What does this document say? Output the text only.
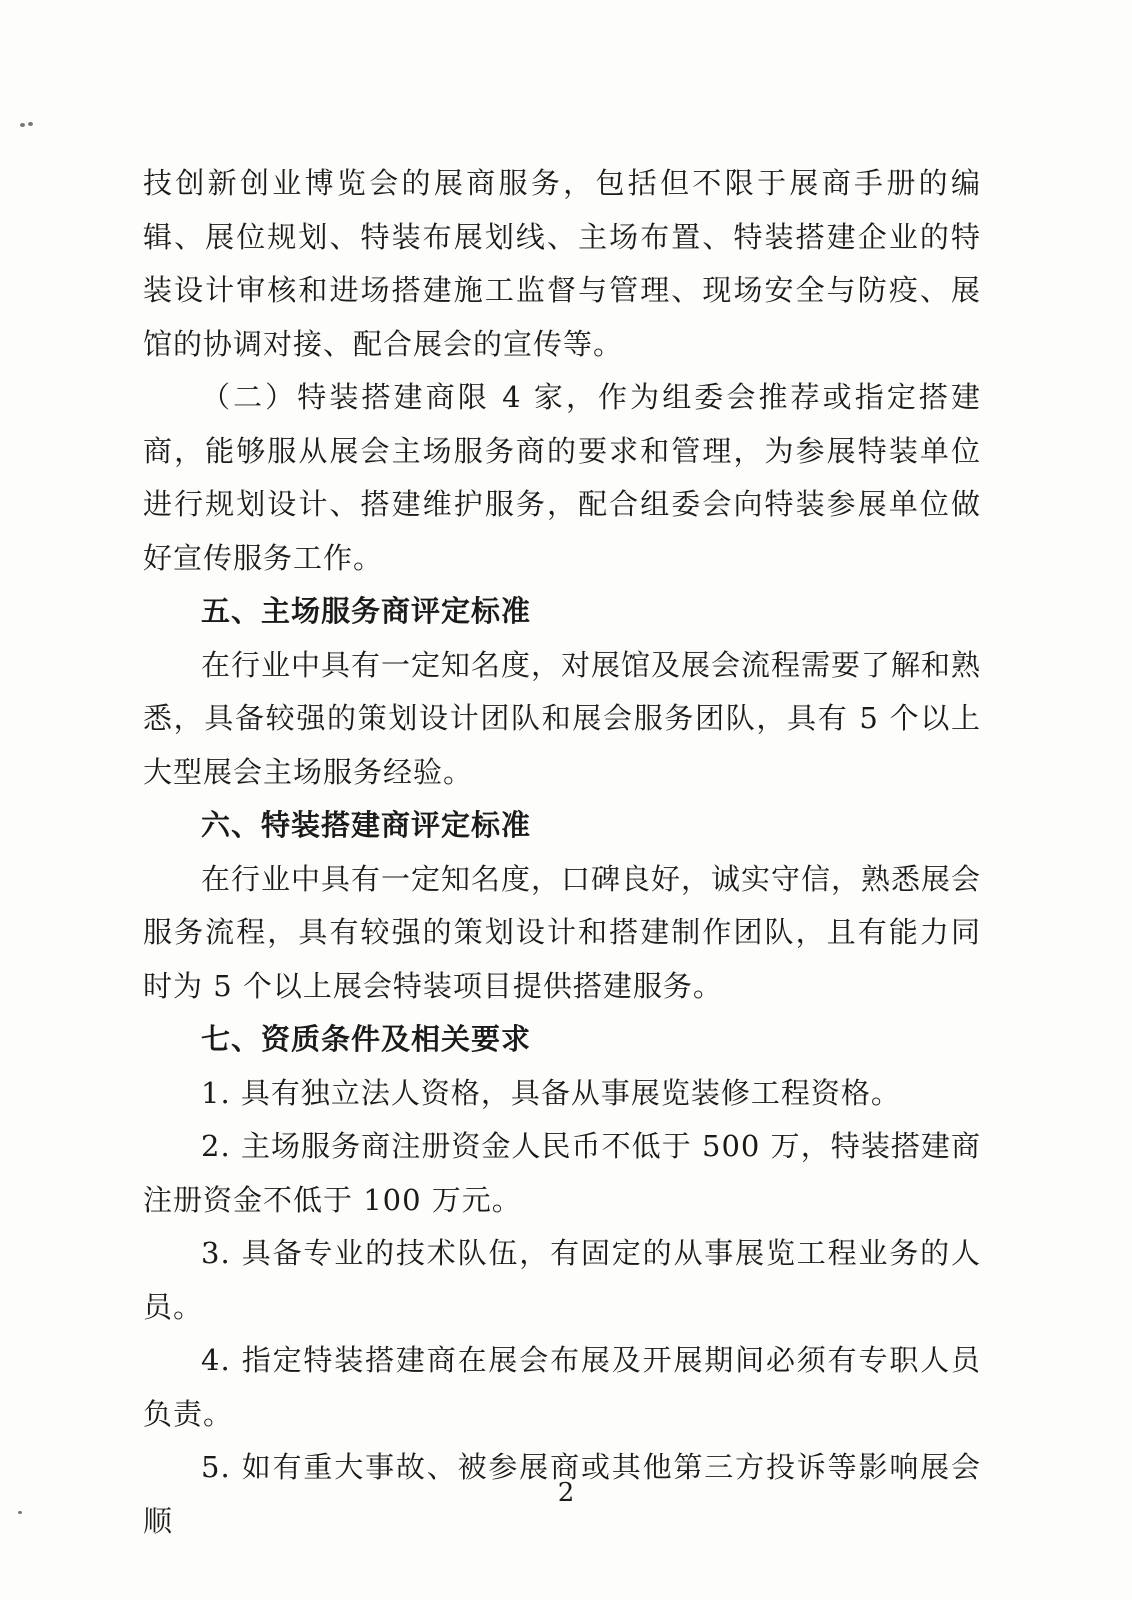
技创新创业博览会的展商服务，包括但不限于展商手册的编辑、展位规划、特装布展划线、主场布置、特装搭建企业的特装设计审核和进场搭建施工监督与管理、现场安全与防疫、展馆的协调对接、配合展会的宣传等。

（二）特装搭建商限 4 家，作为组委会推荐或指定搭建商，能够服从展会主场服务商的要求和管理，为参展特装单位进行规划设计、搭建维护服务，配合组委会向特装参展单位做好宣传服务工作。

五、主场服务商评定标准

在行业中具有一定知名度，对展馆及展会流程需要了解和熟悉，具备较强的策划设计团队和展会服务团队，具有 5 个以上大型展会主场服务经验。

六、特装搭建商评定标准

在行业中具有一定知名度，口碑良好，诚实守信，熟悉展会服务流程，具有较强的策划设计和搭建制作团队，且有能力同时为 5 个以上展会特装项目提供搭建服务。

七、资质条件及相关要求

1. 具有独立法人资格，具备从事展览装修工程资格。

2. 主场服务商注册资金人民币不低于 500 万，特装搭建商注册资金不低于 100 万元。

3. 具备专业的技术队伍，有固定的从事展览工程业务的人员。

4. 指定特装搭建商在展会布展及开展期间必须有专职人员负责。

5. 如有重大事故、被参展商或其他第三方投诉等影响展会顺

2
